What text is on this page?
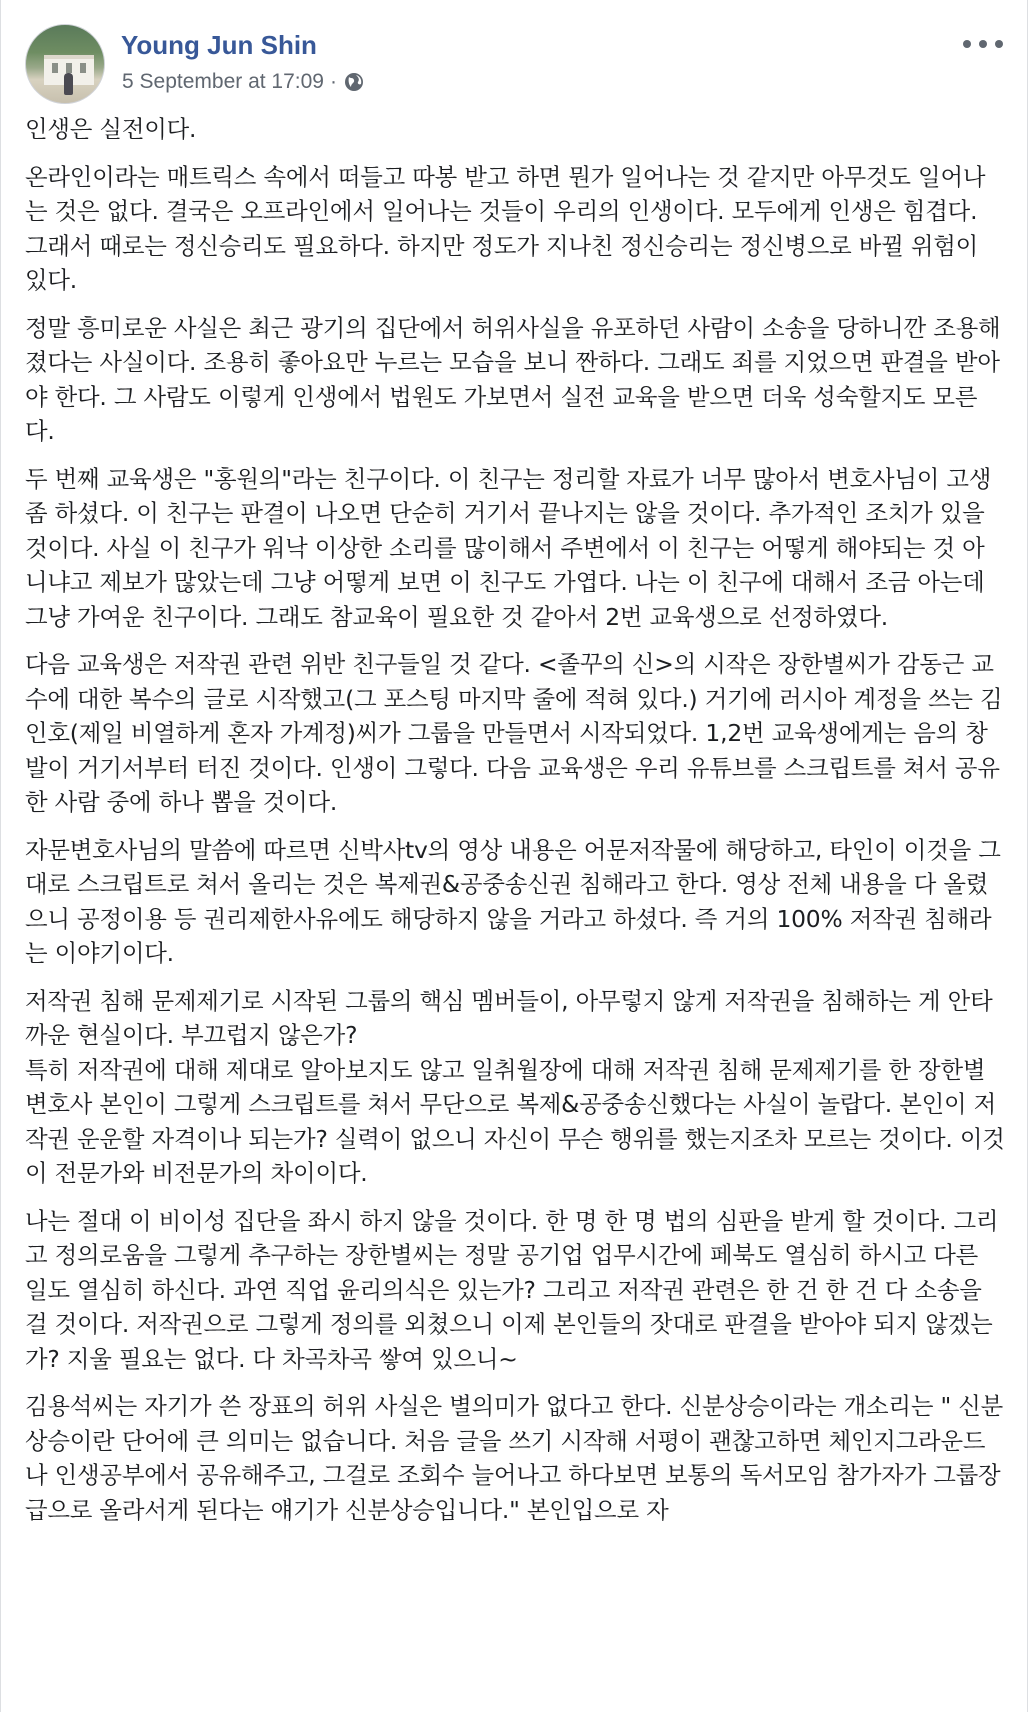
Young Jun Shin
5 September at 17:09 ·

인생은 실전이다.

온라인이라는 매트릭스 속에서 떠들고 따봉 받고 하면 뭔가 일어나는 것 같지만 아무것도 일어나는 것은 없다. 결국은 오프라인에서 일어나는 것들이 우리의 인생이다. 모두에게 인생은 힘겹다. 그래서 때로는 정신승리도 필요하다. 하지만 정도가 지나친 정신승리는 정신병으로 바뀔 위험이 있다.

정말 흥미로운 사실은 최근 광기의 집단에서 허위사실을 유포하던 사람이 소송을 당하니깐 조용해졌다는 사실이다. 조용히 좋아요만 누르는 모습을 보니 짠하다. 그래도 죄를 지었으면 판결을 받아야 한다. 그 사람도 이렇게 인생에서 법원도 가보면서 실전 교육을 받으면 더욱 성숙할지도 모른다.

두 번째 교육생은 "홍원의"라는 친구이다. 이 친구는 정리할 자료가 너무 많아서 변호사님이 고생 좀 하셨다. 이 친구는 판결이 나오면 단순히 거기서 끝나지는 않을 것이다. 추가적인 조치가 있을 것이다. 사실 이 친구가 워낙 이상한 소리를 많이해서 주변에서 이 친구는 어떻게 해야되는 것 아니냐고 제보가 많았는데 그냥 어떻게 보면 이 친구도 가엽다. 나는 이 친구에 대해서 조금 아는데 그냥 가여운 친구이다. 그래도 참교육이 필요한 것 같아서 2번 교육생으로 선정하였다.

다음 교육생은 저작권 관련 위반 친구들일 것 같다. <졸꾸의 신>의 시작은 장한별씨가 감동근 교수에 대한 복수의 글로 시작했고(그 포스팅 마지막 줄에 적혀 있다.) 거기에 러시아 계정을 쓰는 김인호(제일 비열하게 혼자 가계정)씨가 그룹을 만들면서 시작되었다. 1,2번 교육생에게는 음의 창발이 거기서부터 터진 것이다. 인생이 그렇다. 다음 교육생은 우리 유튜브를 스크립트를 쳐서 공유한 사람 중에 하나 뽑을 것이다.

자문변호사님의 말씀에 따르면 신박사tv의 영상 내용은 어문저작물에 해당하고, 타인이 이것을 그대로 스크립트로 쳐서 올리는 것은 복제권&공중송신권 침해라고 한다. 영상 전체 내용을 다 올렸으니 공정이용 등 권리제한사유에도 해당하지 않을 거라고 하셨다. 즉 거의 100% 저작권 침해라는 이야기이다.

저작권 침해 문제제기로 시작된 그룹의 핵심 멤버들이, 아무렇지 않게 저작권을 침해하는 게 안타까운 현실이다. 부끄럽지 않은가?
특히 저작권에 대해 제대로 알아보지도 않고 일취월장에 대해 저작권 침해 문제제기를 한 장한별 변호사 본인이 그렇게 스크립트를 쳐서 무단으로 복제&공중송신했다는 사실이 놀랍다. 본인이 저작권 운운할 자격이나 되는가? 실력이 없으니 자신이 무슨 행위를 했는지조차 모르는 것이다. 이것이 전문가와 비전문가의 차이이다.

나는 절대 이 비이성 집단을 좌시 하지 않을 것이다. 한 명 한 명 법의 심판을 받게 할 것이다. 그리고 정의로움을 그렇게 추구하는 장한별씨는 정말 공기업 업무시간에 페북도 열심히 하시고 다른 일도 열심히 하신다. 과연 직업 윤리의식은 있는가? 그리고 저작권 관련은 한 건 한 건 다 소송을 걸 것이다. 저작권으로 그렇게 정의를 외쳤으니 이제 본인들의 잣대로 판결을 받아야 되지 않겠는가? 지울 필요는 없다. 다 차곡차곡 쌓여 있으니~

김용석씨는 자기가 쓴 장표의 허위 사실은 별의미가 없다고 한다. 신분상승이라는 개소리는 " 신분상승이란 단어에 큰 의미는 없습니다. 처음 글을 쓰기 시작해 서평이 괜찮고하면 체인지그라운드나 인생공부에서 공유해주고, 그걸로 조회수 늘어나고 하다보면 보통의 독서모임 참가자가 그룹장 급으로 올라서게 된다는 얘기가 신분상승입니다." 본인입으로 자
